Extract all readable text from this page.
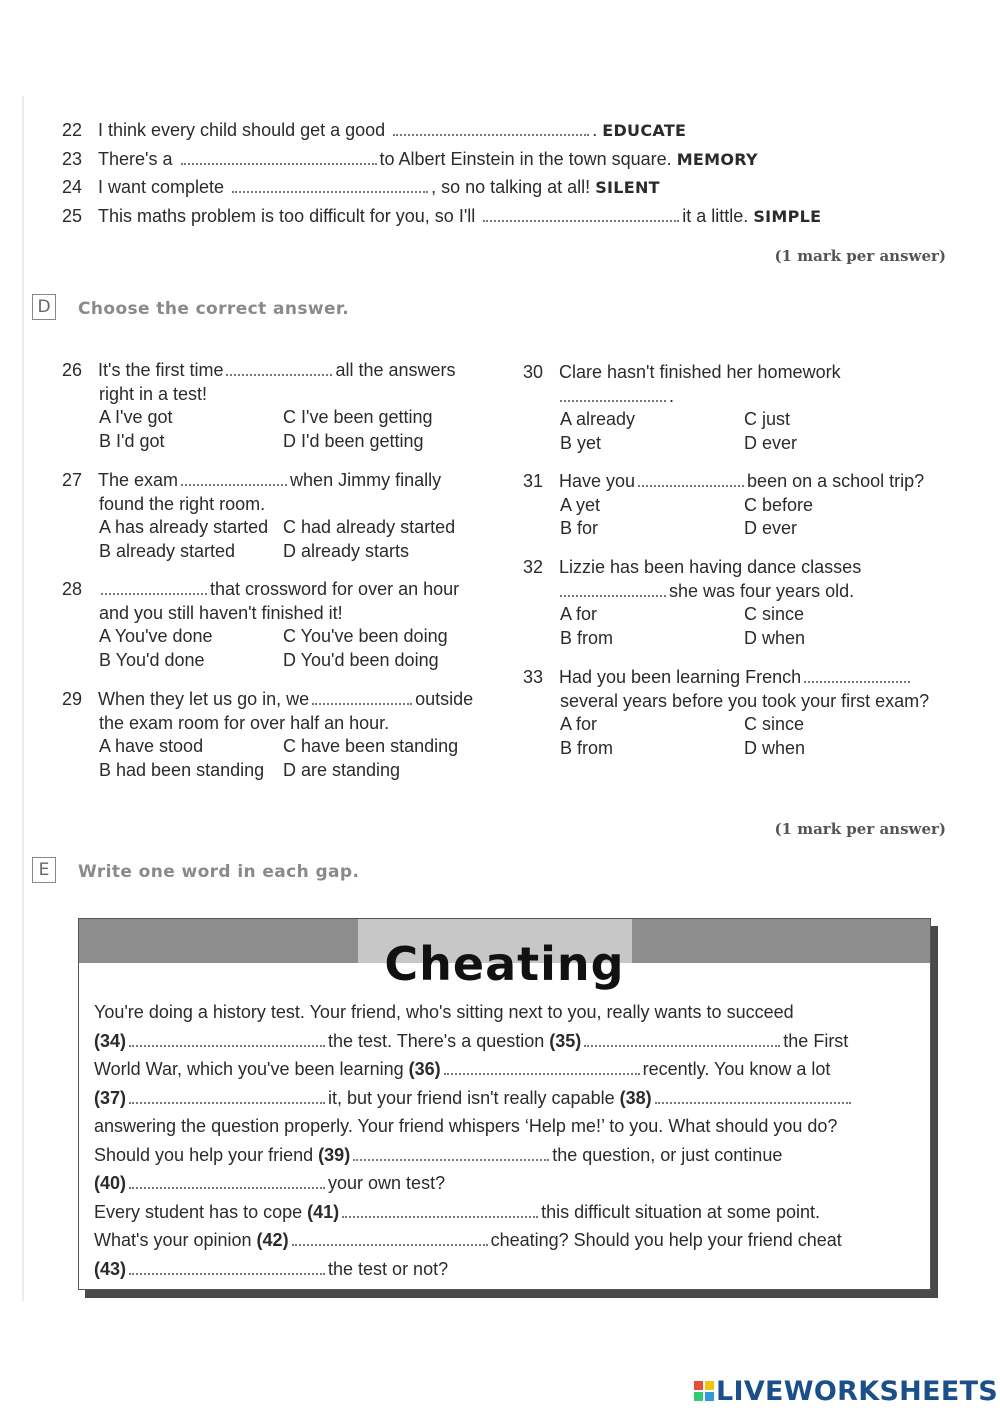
22 I think every child should get a good	. EDUCATE
23 There's a	to Albert Einstein in the town square. MEMORY
24 I want complete	, so no talking at all! SILENT
25 This maths problem is too difficult for you, so I'll	it a little. SIMPLE
(1 mark per answer)
D	Choose the correct answer.
26 It's the first time	all the answers
right in a test!
A I've got	C I've been getting
B I'd got	D I'd been getting
27 The exam	when Jimmy finally
found the right room.
A has already started C had already started
B already started	D already starts
28	that crossword for over an hour
and you still haven't finished it!
A You've done	C You've been doing
B You'd done	D You'd been doing
29 When they let us go in, we	outside
the exam room for over half an hour.
A have stood	C have been standing
B had been standing D are standing
30 Clare hasn't finished her homework
.
A already	C just
B yet	D ever
31 Have you	been on a school trip?
A yet	C before
B for	D ever
32 Lizzie has been having dance classes
she was four years old.
A for	C since
B from	D when
33 Had you been learning French
several years before you took your first exam?
A for	C since
B from	D when
(1 mark per answer)
E	Write one word in each gap.
Cheating
You're doing a history test. Your friend, who's sitting next to you, really wants to succeed
(34)	the test. There's a question (35)	the First
World War, which you've been learning (36)	recently. You know a lot
(37)	it, but your friend isn't really capable (38)
answering the question properly. Your friend whispers ‘Help me!’ to you. What should you do?
Should you help your friend (39)	the question, or just continue
(40)	your own test?
Every student has to cope (41)	this difficult situation at some point.
What's your opinion (42)	cheating? Should you help your friend cheat
(43)	the test or not?
LIVEWORKSHEETS
